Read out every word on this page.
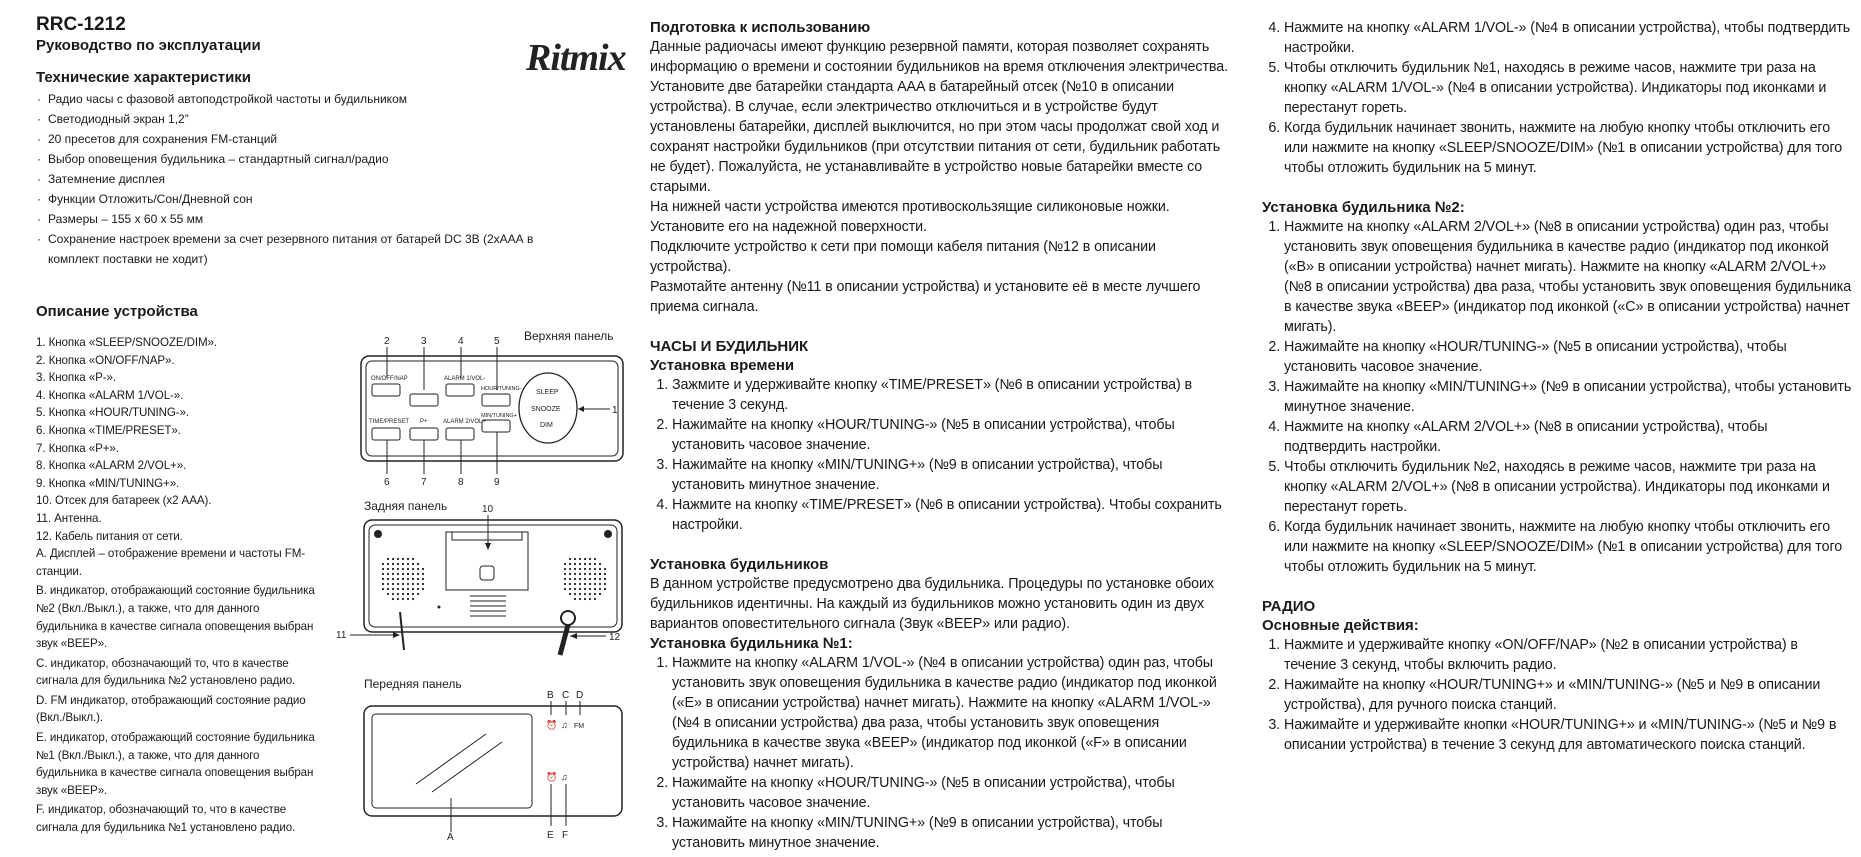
RRC-1212
Руководство по эксплуатации	Ritmix
Технические характеристики
· Радио часы с фазовой автоподстройкой частоты и будильником
· Светодиодный экран 1,2”
· 20 пресетов для сохранения FM-станций
· Выбор оповещения будильника – стандартный сигнал/радио
· Затемнение дисплея
· Функции Отложить/Сон/Дневной сон
· Размеры – 155 x 60 x 55 мм
· Сохранение настроек времени за счет резервного питания от батарей DC 3В (2хААА в комплект поставки не ходит)
Описание устройства
1. Кнопка «SLEEP/SNOOZE/DIM».
2. Кнопка «ON/OFF/NAP».
3. Кнопка «P-».
4. Кнопка «ALARM 1/VOL-».
5. Кнопка «HOUR/TUNING-».
6. Кнопка «TIME/PRESET».
7. Кнопка «P+».
8. Кнопка «ALARM 2/VOL+».
9. Кнопка «MIN/TUNING+».
10. Отсек для батареек (х2 ААА).
11. Антенна.
12. Кабель питания от сети.
A. Дисплей – отображение времени и частоты FM-станции.
B. индикатор, отображающий состояние будильника №2 (Вкл./Выкл.), а также, что для данного будильника в качестве сигнала оповещения выбран звук «BEEP».
C. индикатор, обозначающий то, что в качестве сигнала для будильника №2 установлено радио.
D. FM индикатор, отображающий состояние радио (Вкл./Выкл.).
E. индикатор, отображающий состояние будильника №1 (Вкл./Выкл.), а также, что для данного будильника в качестве сигнала оповещения выбран звук «BEEP».
F. индикатор, обозначающий то, что в качестве сигнала для будильника №1 установлено радио.
Верхняя панель
2	3	4	5
ON/OFF/NAP	ALARM 1/VOL-
HOUR/TUNING-
TIME/PRESET P+	ALARM 2/VOL+
MIN/TUNING+
SLEEP
SNOOZE
DIM
1
6	7	8	9
Задняя панель	10
11	12
Передняя панель
B C D
⏰ ♫ FM
⏰ ♫
A	E F
Подготовка к использованию

Данные радиочасы имеют функцию резервной памяти, которая позволяет сохранять информацию о времени и состоянии будильников на время отключения электричества. Установите две батарейки стандарта AAA в батарейный отсек (№10 в описании устройства). В случае, если электричество отключиться и в устройстве будут установлены батарейки, дисплей выключится, но при этом часы продолжат свой ход и сохранят настройки будильников (при отсутствии питания от сети, будильник работать не будет). Пожалуйста, не устанавливайте в устройство новые батарейки вместе со старыми.

На нижней части устройства имеются противоскользящие силиконовые ножки. Установите его на надежной поверхности.

Подключите устройство к сети при помощи кабеля питания (№12 в описании устройства).

Размотайте антенну (№11 в описании устройства) и установите её в месте лучшего приема сигнала.

ЧАСЫ И БУДИЛЬНИК
Установка времени
1. Зажмите и удерживайте кнопку «TIME/PRESET» (№6 в описании устройства) в течение 3 секунд.
2. Нажимайте на кнопку «HOUR/TUNING-» (№5 в описании устройства), чтобы установить часовое значение.
3. Нажимайте на кнопку «MIN/TUNING+» (№9 в описании устройства), чтобы установить минутное значение.
4. Нажмите на кнопку «TIME/PRESET» (№6 в описании устройства). Чтобы сохранить настройки.
Установка будильников

В данном устройстве предусмотрено два будильника. Процедуры по установке обоих будильников идентичны. На каждый из будильников можно установить один из двух вариантов оповестительного сигнала (Звук «BEEP» или радио).

Установка будильника №1:
1. Нажмите на кнопку «ALARM 1/VOL-» (№4 в описании устройства) один раз, чтобы установить звук оповещения будильника в качестве радио (индикатор под иконкой («E» в описании устройства) начнет мигать). Нажмите на кнопку «ALARM 1/VOL-» (№4 в описании устройства) два раза, чтобы установить звук оповещения будильника в качестве звука «BEEP» (индикатор под иконкой («F» в описании устройства) начнет мигать).
2. Нажимайте на кнопку «HOUR/TUNING-» (№5 в описании устройства), чтобы установить часовое значение.
3. Нажимайте на кнопку «MIN/TUNING+» (№9 в описании устройства), чтобы установить минутное значение.
4. Нажмите на кнопку «ALARM 1/VOL-» (№4 в описании устройства), чтобы подтвердить настройки.
5. Чтобы отключить будильник №1, находясь в режиме часов, нажмите три раза на кнопку «ALARM 1/VOL-» (№4 в описании устройства). Индикаторы под иконками и перестанут гореть.
6. Когда будильник начинает звонить, нажмите на любую кнопку чтобы отключить его или нажмите на кнопку «SLEEP/SNOOZE/DIM» (№1 в описании устройства) для того чтобы отложить будильник на 5 минут.
Установка будильника №2:
1. Нажмите на кнопку «ALARM 2/VOL+» (№8 в описании устройства) один раз, чтобы установить звук оповещения будильника в качестве радио (индикатор под иконкой («B» в описании устройства) начнет мигать). Нажмите на кнопку «ALARM 2/VOL+» (№8 в описании устройства) два раза, чтобы установить звук оповещения будильника в качестве звука «BEEP» (индикатор под иконкой («C» в описании устройства) начнет мигать).
2. Нажимайте на кнопку «HOUR/TUNING-» (№5 в описании устройства), чтобы установить часовое значение.
3. Нажимайте на кнопку «MIN/TUNING+» (№9 в описании устройства), чтобы установить минутное значение.
4. Нажмите на кнопку «ALARM 2/VOL+» (№8 в описании устройства), чтобы подтвердить настройки.
5. Чтобы отключить будильник №2, находясь в режиме часов, нажмите три раза на кнопку «ALARM 2/VOL+» (№8 в описании устройства). Индикаторы под иконками и перестанут гореть.
6. Когда будильник начинает звонить, нажмите на любую кнопку чтобы отключить его или нажмите на кнопку «SLEEP/SNOOZE/DIM» (№1 в описании устройства) для того чтобы отложить будильник на 5 минут.
РАДИО
Основные действия:
1. Нажмите и удерживайте кнопку «ON/OFF/NAP» (№2 в описании устройства) в течение 3 секунд, чтобы включить радио.
2. Нажимайте на кнопку «HOUR/TUNING+» и «MIN/TUNING-» (№5 и №9 в описании устройства), для ручного поиска станций.
3. Нажимайте и удерживайте кнопки «HOUR/TUNING+» и «MIN/TUNING-» (№5 и №9 в описании устройства) в течение 3 секунд для автоматического поиска станций.
